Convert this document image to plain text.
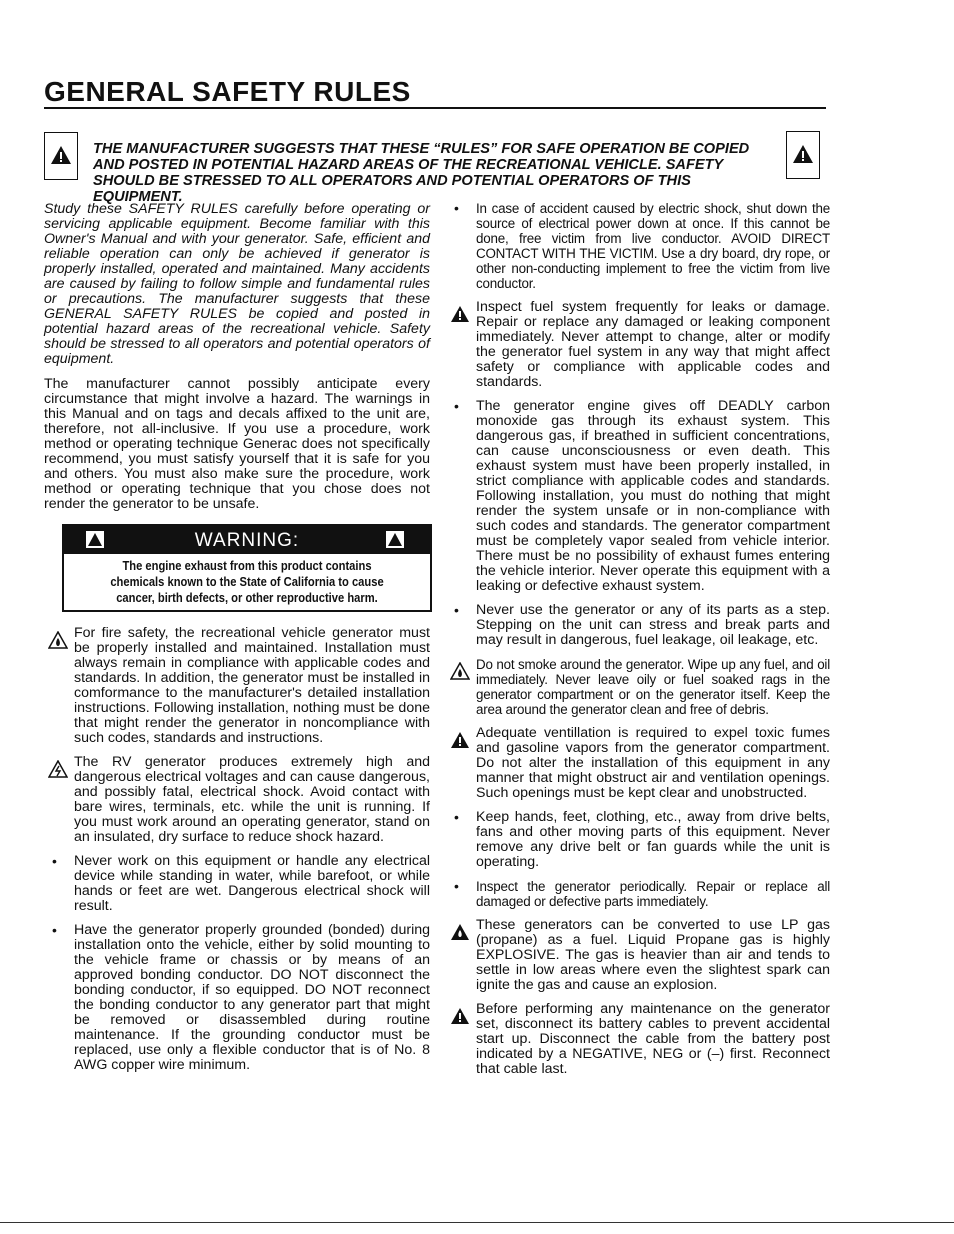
GENERAL SAFETY RULES

THE MANUFACTURER SUGGESTS THAT THESE “RULES” FOR SAFE OPERATION BE COPIED AND POSTED IN POTENTIAL HAZARD AREAS OF THE RECREATIONAL VEHICLE. SAFETY SHOULD BE STRESSED TO ALL OPERATORS AND POTENTIAL OPERATORS OF THIS EQUIPMENT.

Study these SAFETY RULES carefully before operating or servicing applicable equipment. Become familiar with this Owner's Manual and with your generator. Safe, efficient and reliable operation can only be achieved if generator is properly installed, operated and maintained. Many accidents are caused by failing to follow simple and fundamental rules or precautions. The manufacturer suggests that these GENERAL SAFETY RULES be copied and posted in potential hazard areas of the recreational vehicle. Safety should be stressed to all operators and potential operators of equipment.

The manufacturer cannot possibly anticipate every circumstance that might involve a hazard. The warnings in this Manual and on tags and decals affixed to the unit are, therefore, not all-inclusive. If you use a procedure, work method or operating technique Generac does not specifically recommend, you must satisfy yourself that it is safe for you and others. You must also make sure the procedure, work method or operating technique that you chose does not render the generator to be unsafe.

WARNING:
The engine exhaust from this product contains chemicals known to the State of California to cause cancer, birth defects, or other reproductive harm.
For fire safety, the recreational vehicle generator must be properly installed and maintained. Installation must always remain in compliance with applicable codes and standards. In addition, the generator must be installed in comformance to the manufacturer's detailed installation instructions. Following installation, nothing must be done that might render the generator in noncompliance with such codes, standards and instructions.
The RV generator produces extremely high and dangerous electrical voltages and can cause dangerous, and possibly fatal, electrical shock. Avoid contact with bare wires, terminals, etc. while the unit is running. If you must work around an operating generator, stand on an insulated, dry surface to reduce shock hazard.
• Never work on this equipment or handle any electrical device while standing in water, while barefoot, or while hands or feet are wet. Dangerous electrical shock will result.
• Have the generator properly grounded (bonded) during installation onto the vehicle, either by solid mounting to the vehicle frame or chassis or by means of an approved bonding conductor. DO NOT disconnect the bonding conductor, if so equipped. DO NOT reconnect the bonding conductor to any generator part that might be removed or disassembled during routine maintenance. If the grounding conductor must be replaced, use only a flexible conductor that is of No. 8 AWG copper wire minimum.
• In case of accident caused by electric shock, shut down the source of electrical power down at once. If this cannot be done, free victim from live conductor. AVOID DIRECT CONTACT WITH THE VICTIM. Use a dry board, dry rope, or other non-conducting implement to free the victim from live conductor.
Inspect fuel system frequently for leaks or damage. Repair or replace any damaged or leaking component immediately. Never attempt to change, alter or modify the generator fuel system in any way that might affect safety or compliance with applicable codes and standards.
• The generator engine gives off DEADLY carbon monoxide gas through its exhaust system. This dangerous gas, if breathed in sufficient concentrations, can cause unconsciousness or even death. This exhaust system must have been properly installed, in strict compliance with applicable codes and standards. Following installation, you must do nothing that might render the system unsafe or in non-compliance with such codes and standards. The generator compartment must be completely vapor sealed from vehicle interior. There must be no possibility of exhaust fumes entering the vehicle interior. Never operate this equipment with a leaking or defective exhaust system.
• Never use the generator or any of its parts as a step. Stepping on the unit can stress and break parts and may result in dangerous, fuel leakage, oil leakage, etc.
Do not smoke around the generator. Wipe up any fuel, and oil immediately. Never leave oily or fuel soaked rags in the generator compartment or on the generator itself. Keep the area around the generator clean and free of debris.
Adequate ventillation is required to expel toxic fumes and gasoline vapors from the generator compartment. Do not alter the installation of this equipment in any manner that might obstruct air and ventilation openings. Such openings must be kept clear and unobstructed.
• Keep hands, feet, clothing, etc., away from drive belts, fans and other moving parts of this equipment. Never remove any drive belt or fan guards while the unit is operating.
• Inspect the generator periodically. Repair or replace all damaged or defective parts immediately.
These generators can be converted to use LP gas (propane) as a fuel. Liquid Propane gas is highly EXPLOSIVE. The gas is heavier than air and tends to settle in low areas where even the slightest spark can ignite the gas and cause an explosion.
Before performing any maintenance on the generator set, disconnect its battery cables to prevent accidental start up. Disconnect the cable from the battery post indicated by a NEGATIVE, NEG or (–) first. Reconnect that cable last.
